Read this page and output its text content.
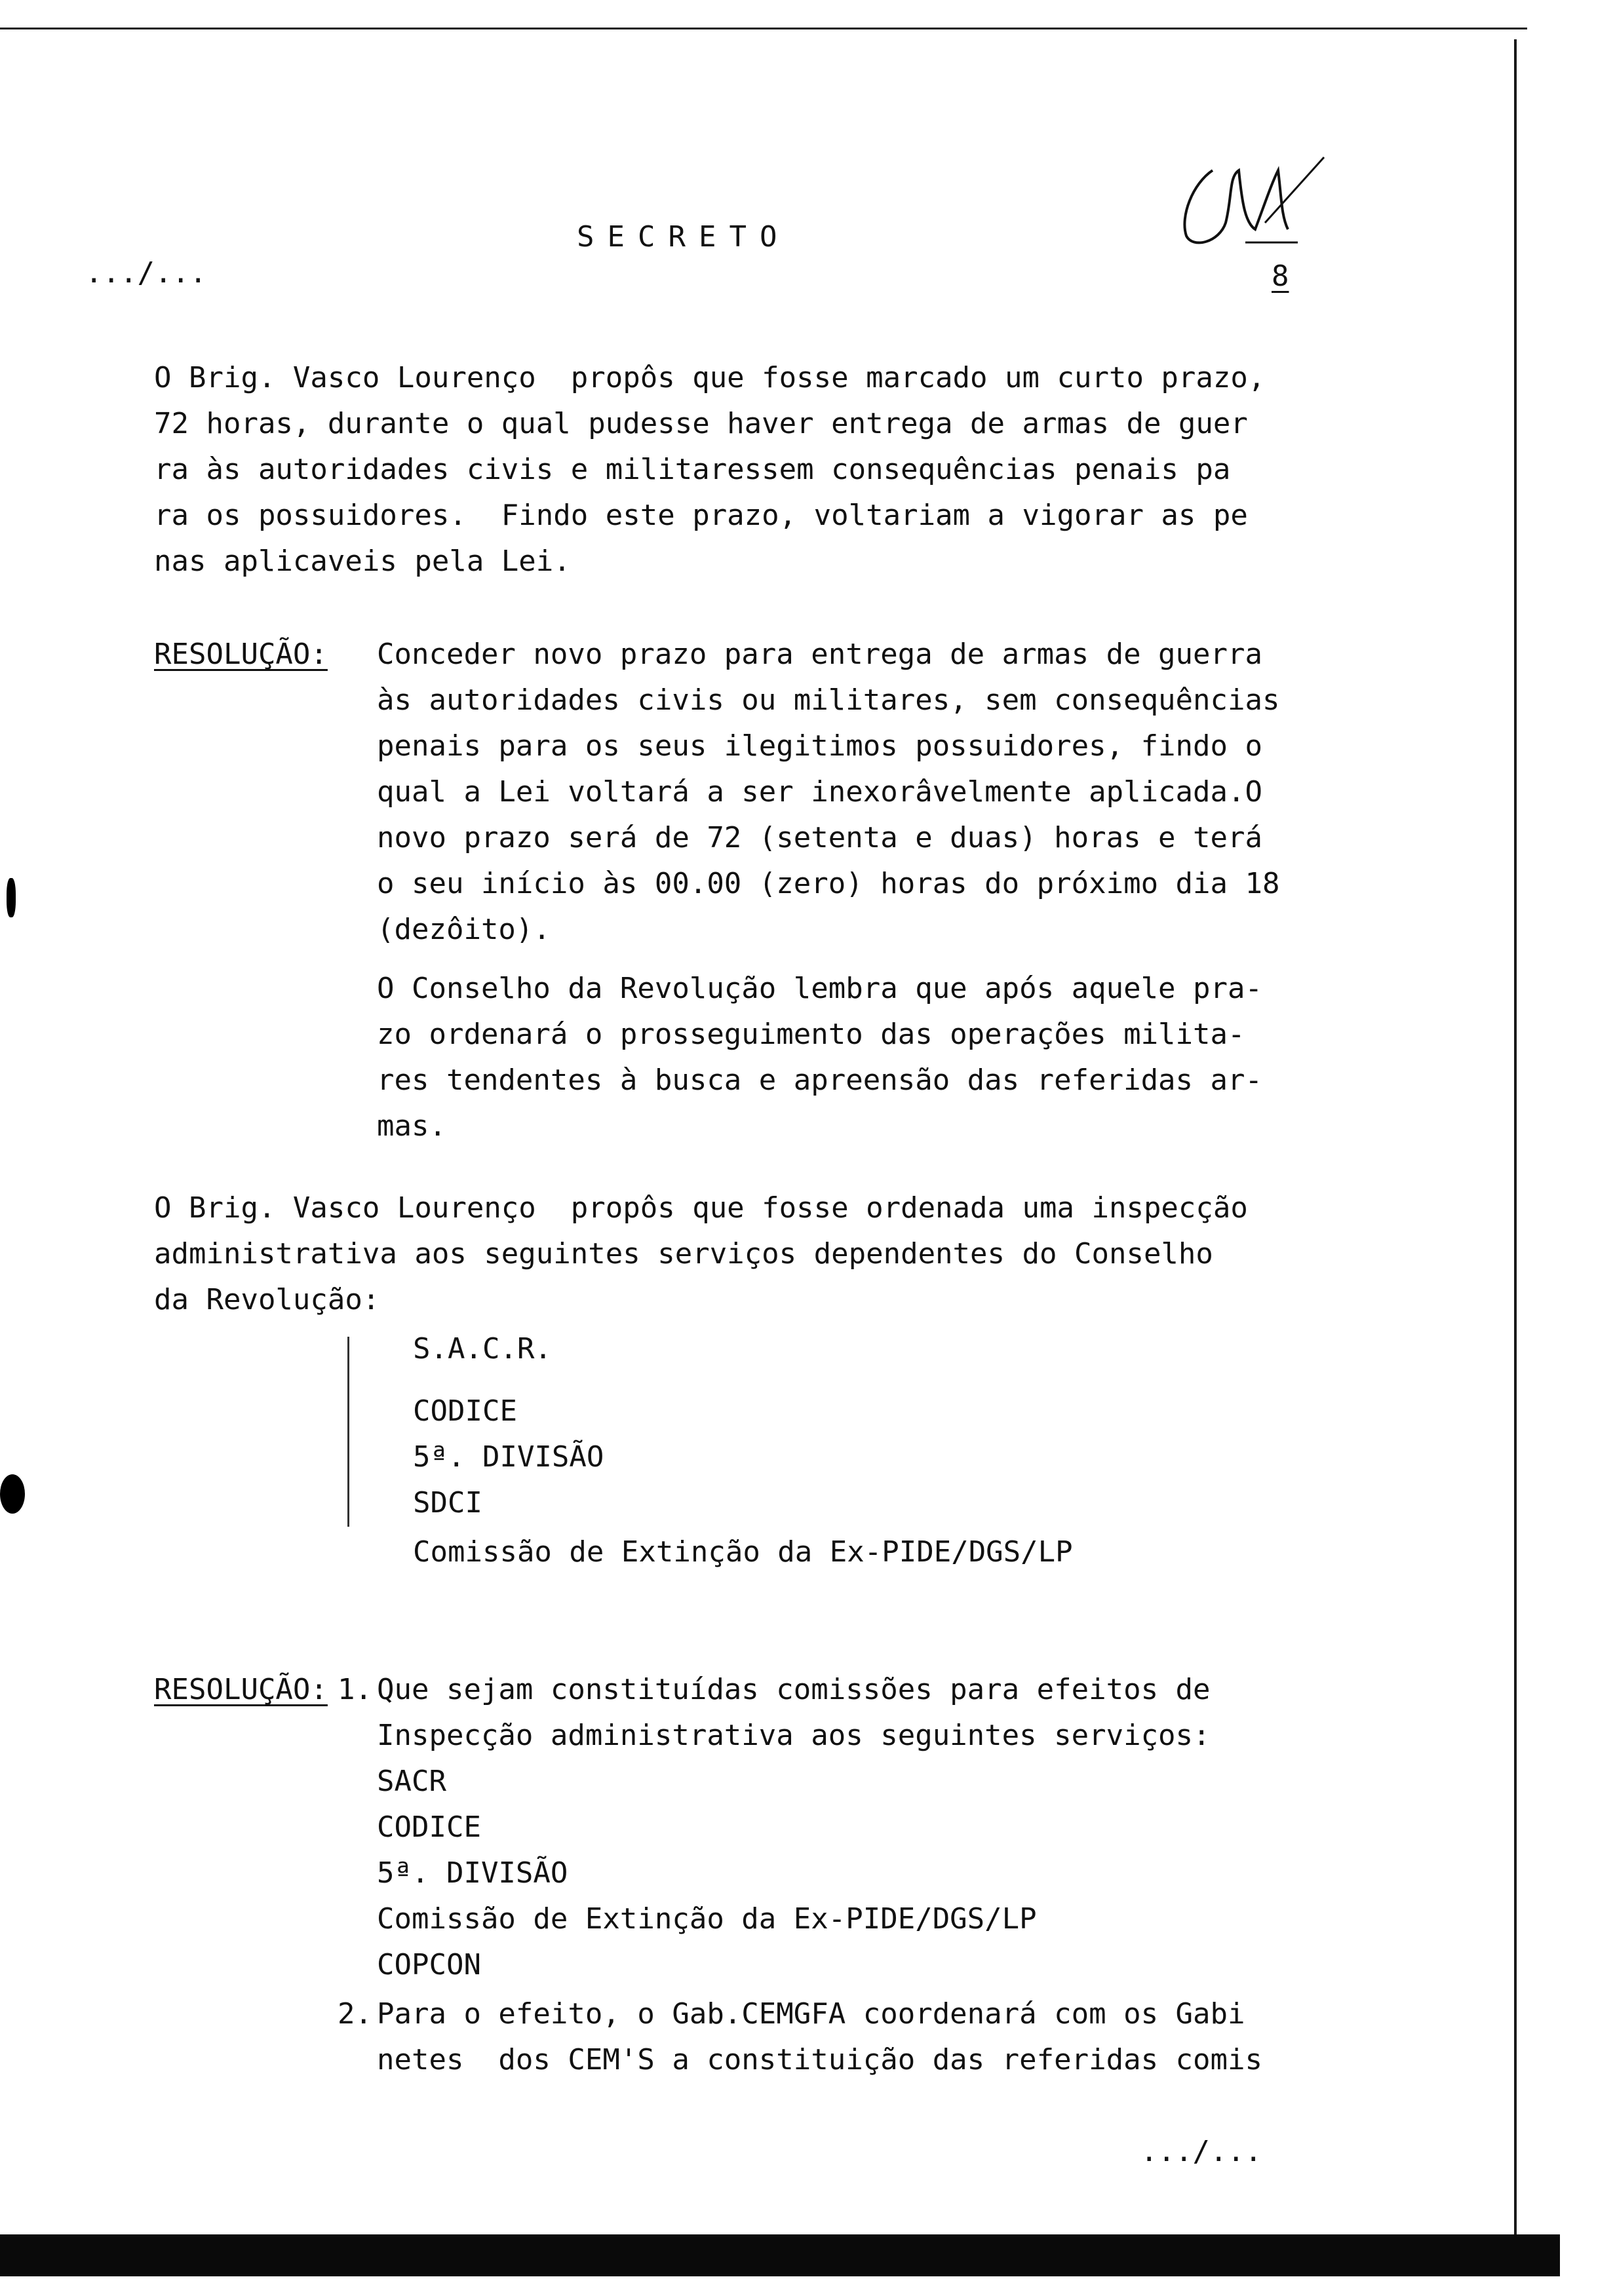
SECRETO
.../...	8
O Brig. Vasco Lourenço  propôs que fosse marcado um curto prazo,
72 horas, durante o qual pudesse haver entrega de armas de guer
ra às autoridades civis e militaressem consequências penais pa
ra os possuidores.  Findo este prazo, voltariam a vigorar as pe
nas aplicaveis pela Lei.
RESOLUÇÃO: Conceder novo prazo para entrega de armas de guerra
às autoridades civis ou militares, sem consequências
penais para os seus ilegitimos possuidores, findo o
qual a Lei voltará a ser inexorâvelmente aplicada.O
novo prazo será de 72 (setenta e duas) horas e terá
o seu início às 00.00 (zero) horas do próximo dia 18
(dezôito).
O Conselho da Revolução lembra que após aquele pra-
zo ordenará o prosseguimento das operações milita-
res tendentes à busca e apreensão das referidas ar-
mas.
O Brig. Vasco Lourenço  propôs que fosse ordenada uma inspecção
administrativa aos seguintes serviços dependentes do Conselho
da Revolução:
S.A.C.R.
CODICE
5ª. DIVISÃO
SDCI
Comissão de Extinção da Ex-PIDE/DGS/LP
RESOLUÇÃO: 1. Que sejam constituídas comissões para efeitos de
Inspecção administrativa aos seguintes serviços:
SACR
CODICE
5ª. DIVISÃO
Comissão de Extinção da Ex-PIDE/DGS/LP
COPCON
2. Para o efeito, o Gab.CEMGFA coordenará com os Gabi
netes  dos CEM'S a constituição das referidas comis
.../...
